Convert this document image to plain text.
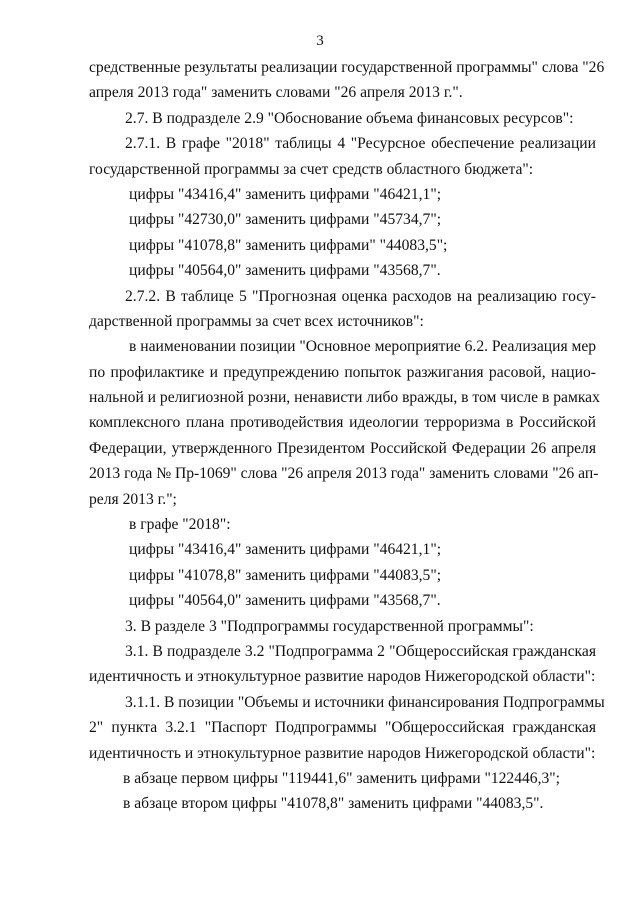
3
средственные результаты реализации государственной программы" слова "26
апреля 2013 года" заменить словами "26 апреля 2013 г.".
2.7. В подразделе 2.9 "Обоснование объема финансовых ресурсов":
2.7.1. В графе "2018" таблицы 4 "Ресурсное обеспечение реализации
государственной программы за счет средств областного бюджета":
цифры "43416,4" заменить цифрами "46421,1";
цифры "42730,0" заменить цифрами "45734,7";
цифры "41078,8" заменить цифрами" "44083,5";
цифры "40564,0" заменить цифрами "43568,7".
2.7.2. В таблице 5 "Прогнозная оценка расходов на реализацию госу-
дарственной программы за счет всех источников":
в наименовании позиции "Основное мероприятие 6.2. Реализация мер
по профилактике и предупреждению попыток разжигания расовой, нацио-
нальной и религиозной розни, ненависти либо вражды, в том числе в рамках
комплексного плана противодействия идеологии терроризма в Российской
Федерации, утвержденного Президентом Российской Федерации 26 апреля
2013 года № Пр-1069" слова "26 апреля 2013 года" заменить словами "26 ап-
реля 2013 г.";
в графе "2018":
цифры "43416,4" заменить цифрами "46421,1";
цифры "41078,8" заменить цифрами "44083,5";
цифры "40564,0" заменить цифрами "43568,7".
3. В разделе 3 "Подпрограммы государственной программы":
3.1. В подразделе 3.2 "Подпрограмма 2 "Общероссийская гражданская
идентичность и этнокультурное развитие народов Нижегородской области":
3.1.1. В позиции "Объемы и источники финансирования Подпрограммы
2" пункта 3.2.1 "Паспорт Подпрограммы "Общероссийская гражданская
идентичность и этнокультурное развитие народов Нижегородской области":
в абзаце первом цифры "119441,6" заменить цифрами "122446,3";
в абзаце втором цифры "41078,8" заменить цифрами "44083,5".
